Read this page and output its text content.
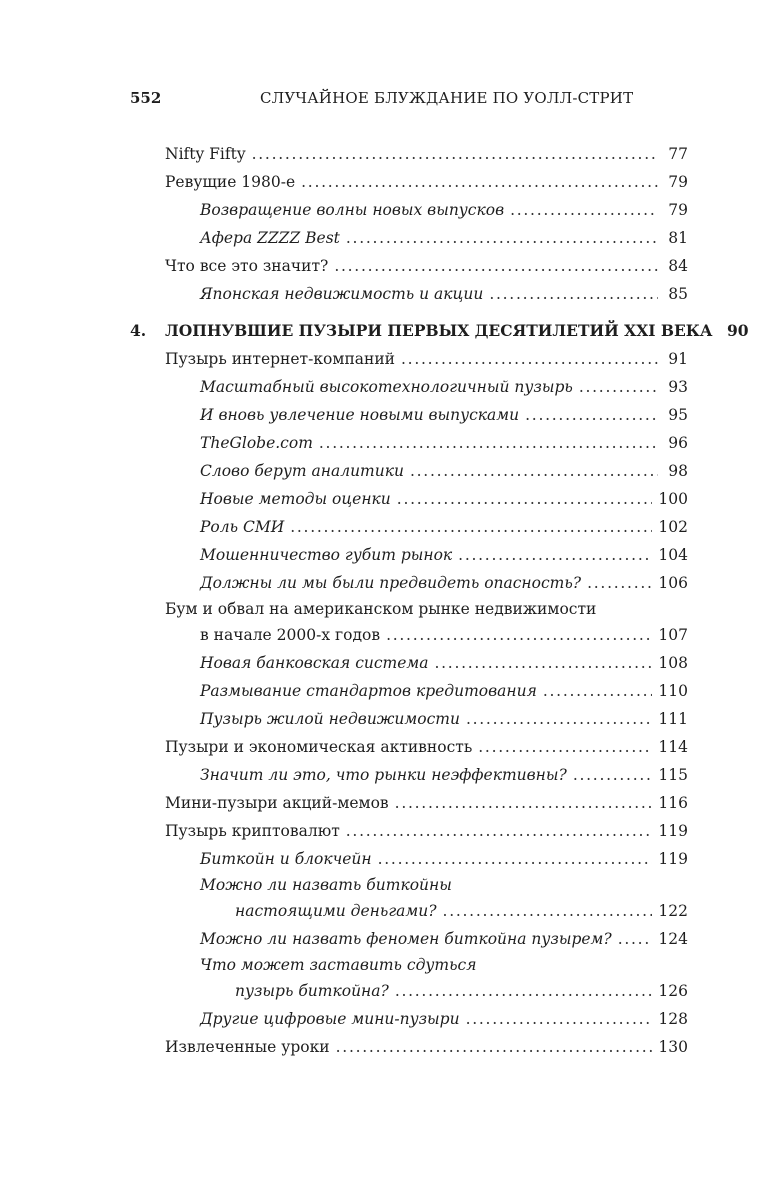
552	СЛУЧАЙНОЕ БЛУЖДАНИЕ ПО УОЛЛ-СТРИТ
Nifty Fifty . . .	77
Ревущие 1980-е . . .	79
Возвращение волны новых выпусков . . .	79
Афера ZZZZ Best . . .	81
Что все это значит? . . .	84
Японская недвижимость и акции . . .	85
4.	ЛОПНУВШИЕ ПУЗЫРИ ПЕРВЫХ ДЕСЯТИЛЕТИЙ XXI ВЕКА 90
Пузырь интернет-компаний . . .	91
Масштабный высокотехнологичный пузырь . . .	93
И вновь увлечение новыми выпусками . . .	95
TheGlobe.com . . .	96
Слово берут аналитики . . .	98
Новые методы оценки . . .	100
Роль СМИ . . .	102
Мошенничество губит рынок . . .	104
Должны ли мы были предвидеть опасность? . . .	106
Бум и обвал на американском рынке недвижимости
в начале 2000-х годов . . .	107
Новая банковская система . . .	108
Размывание стандартов кредитования . . .	110
Пузырь жилой недвижимости . . .	111
Пузыри и экономическая активность . . .	114
Значит ли это, что рынки неэффективны? . . .	115
Мини-пузыри акций-мемов . . .	116
Пузырь криптовалют . . .	119
Биткойн и блокчейн . . .	119
Можно ли назвать биткойны
настоящими деньгами? . . .	122
Можно ли назвать феномен биткойна пузырем? . . .	124
Что может заставить сдуться
пузырь биткойна? . . .	126
Другие цифровые мини-пузыри . . .	128
Извлеченные уроки . . .	130
